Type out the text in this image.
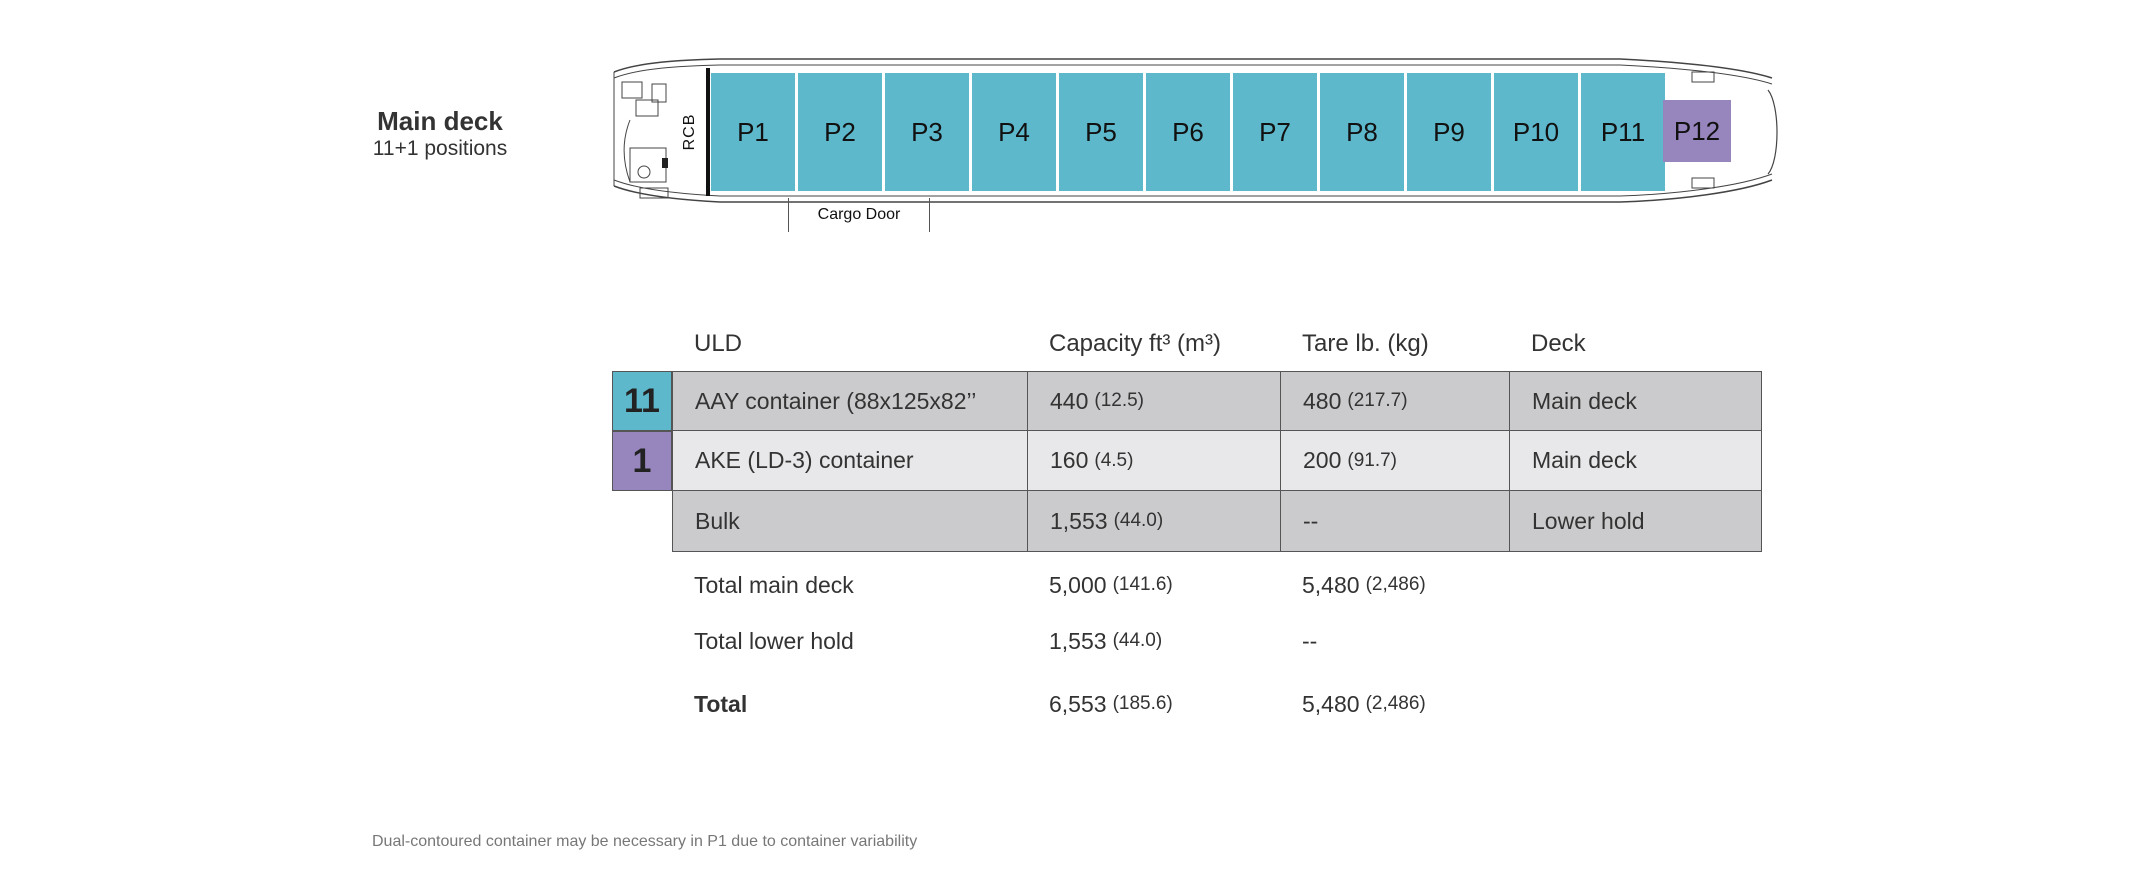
Main deck
11+1 positions	RCB	P1	P2	P3	P4	P5	P6	P7	P8	P9	P10	P11	P12
Cargo Door
ULD	Capacity ft³ (m³)	Tare lb. (kg)	Deck
11
1
AAY container (88x125x82’’	440 (12.5)	480 (217.7)	Main deck
AKE (LD-3) container	160 (4.5)	200 (91.7)	Main deck
Bulk	1,553 (44.0)	--	Lower hold
Total main deck	5,000 (141.6)	5,480 (2,486)
Total lower hold	1,553 (44.0)	--
Total	6,553 (185.6)	5,480 (2,486)
Dual-contoured container may be necessary in P1 due to container variability
